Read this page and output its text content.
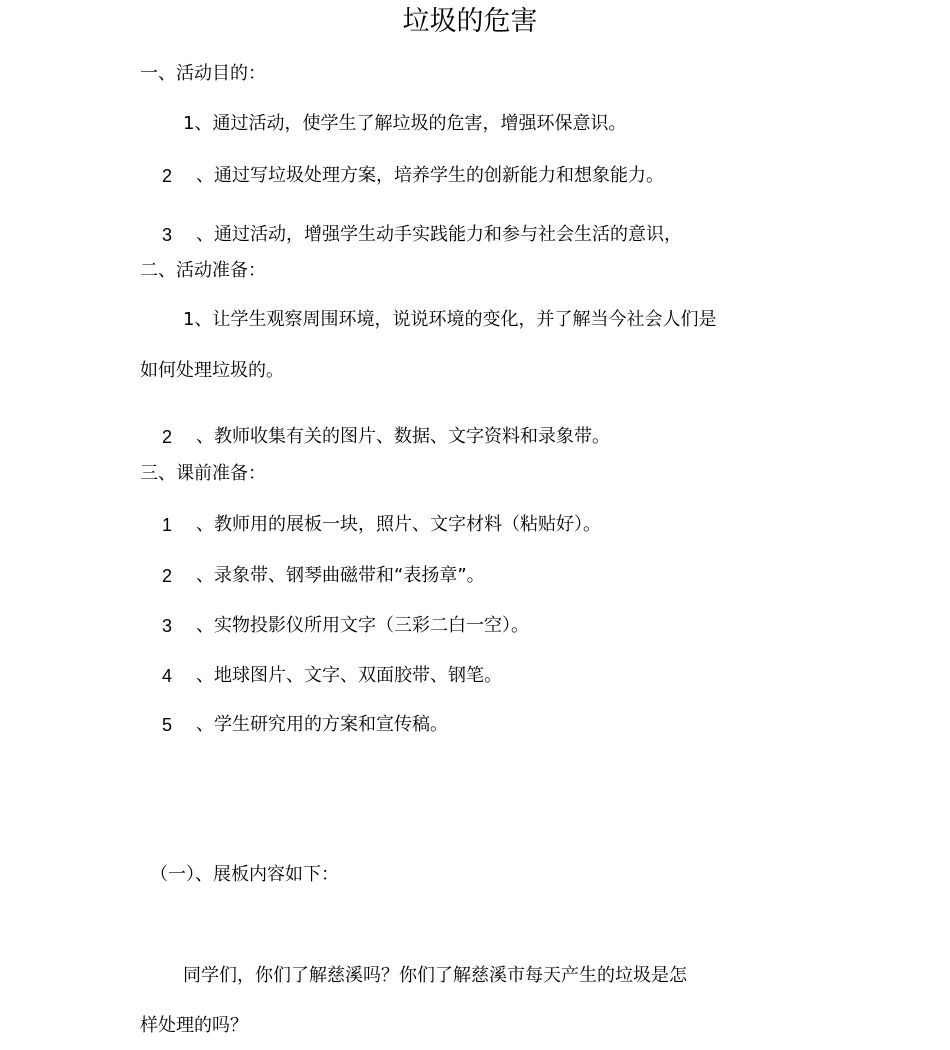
垃圾的危害
一、活动目的：
1、通过活动，使学生了解垃圾的危害，增强环保意识。
2 、通过写垃圾处理方案，培养学生的创新能力和想象能力。
3 、通过活动，增强学生动手实践能力和参与社会生活的意识，
二、活动准备：
1、让学生观察周围环境，说说环境的变化，并了解当今社会人们是
如何处理垃圾的。
2 、教师收集有关的图片、数据、文字资料和录象带。
三、课前准备：
1 、教师用的展板一块，照片、文字材料（粘贴好）。
2 、录象带、钢琴曲磁带和“表扬章”。
3 、实物投影仪所用文字（三彩二白一空）。
4 、地球图片、文字、双面胶带、钢笔。
5 、学生研究用的方案和宣传稿。
（一）、展板内容如下：
同学们，你们了解慈溪吗？你们了解慈溪市每天产生的垃圾是怎
样处理的吗？
